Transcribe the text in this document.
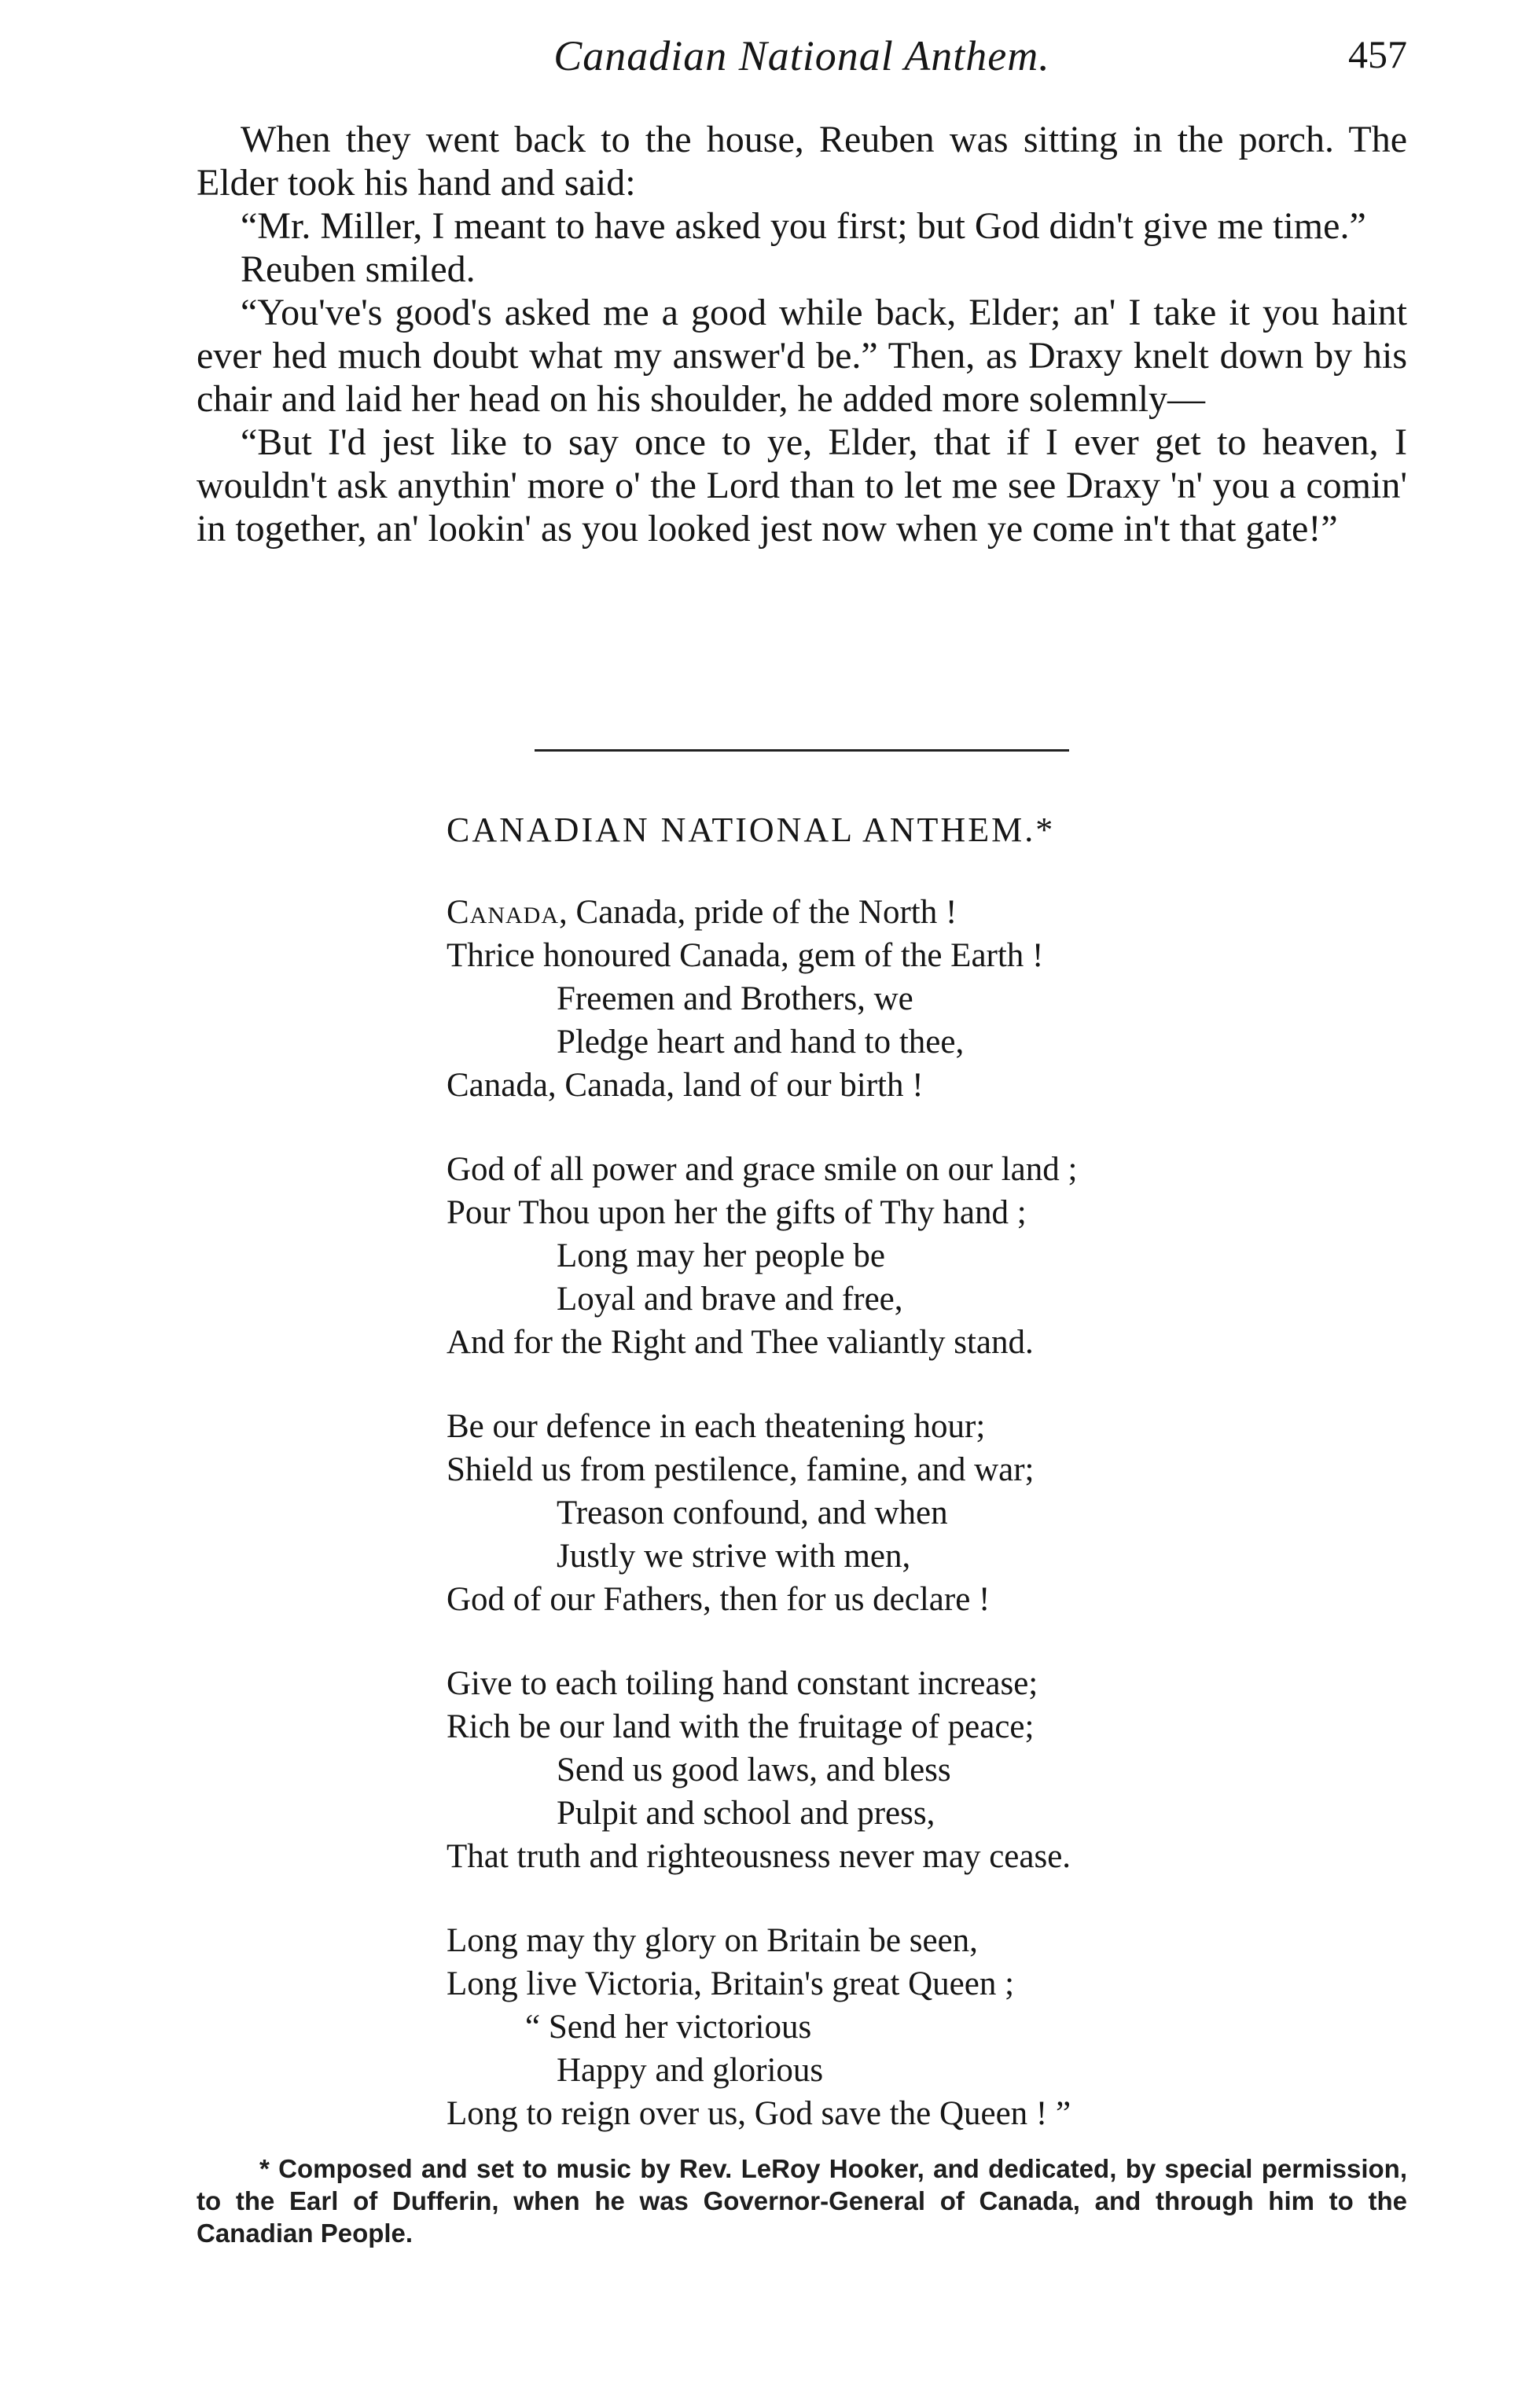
Canadian National Anthem.	457

When they went back to the house, Reuben was sitting in the porch. The Elder took his hand and said:

“Mr. Miller, I meant to have asked you first; but God didn't give me time.”

Reuben smiled.

“You've's good's asked me a good while back, Elder; an' I take it you haint ever hed much doubt what my answer'd be.” Then, as Draxy knelt down by his chair and laid her head on his shoulder, he added more solemnly—

“But I'd jest like to say once to ye, Elder, that if I ever get to heaven, I wouldn't ask anythin' more o' the Lord than to let me see Draxy 'n' you a comin' in together, an' lookin' as you looked jest now when ye come in't that gate!”

CANADIAN NATIONAL ANTHEM.*
Canada, Canada, pride of the North !
Thrice honoured Canada, gem of the Earth !
Freemen and Brothers, we
Pledge heart and hand to thee,
Canada, Canada, land of our birth !
God of all power and grace smile on our land ;
Pour Thou upon her the gifts of Thy hand ;
Long may her people be
Loyal and brave and free,
And for the Right and Thee valiantly stand.
Be our defence in each theatening hour;
Shield us from pestilence, famine, and war;
Treason confound, and when
Justly we strive with men,
God of our Fathers, then for us declare !
Give to each toiling hand constant increase;
Rich be our land with the fruitage of peace;
Send us good laws, and bless
Pulpit and school and press,
That truth and righteousness never may cease.
Long may thy glory on Britain be seen,
Long live Victoria, Britain's great Queen ;
“ Send her victorious
Happy and glorious
Long to reign over us, God save the Queen ! ”

* Composed and set to music by Rev. LeRoy Hooker, and dedicated, by special permission, to the Earl of Dufferin, when he was Governor-General of Canada, and through him to the Canadian People.
